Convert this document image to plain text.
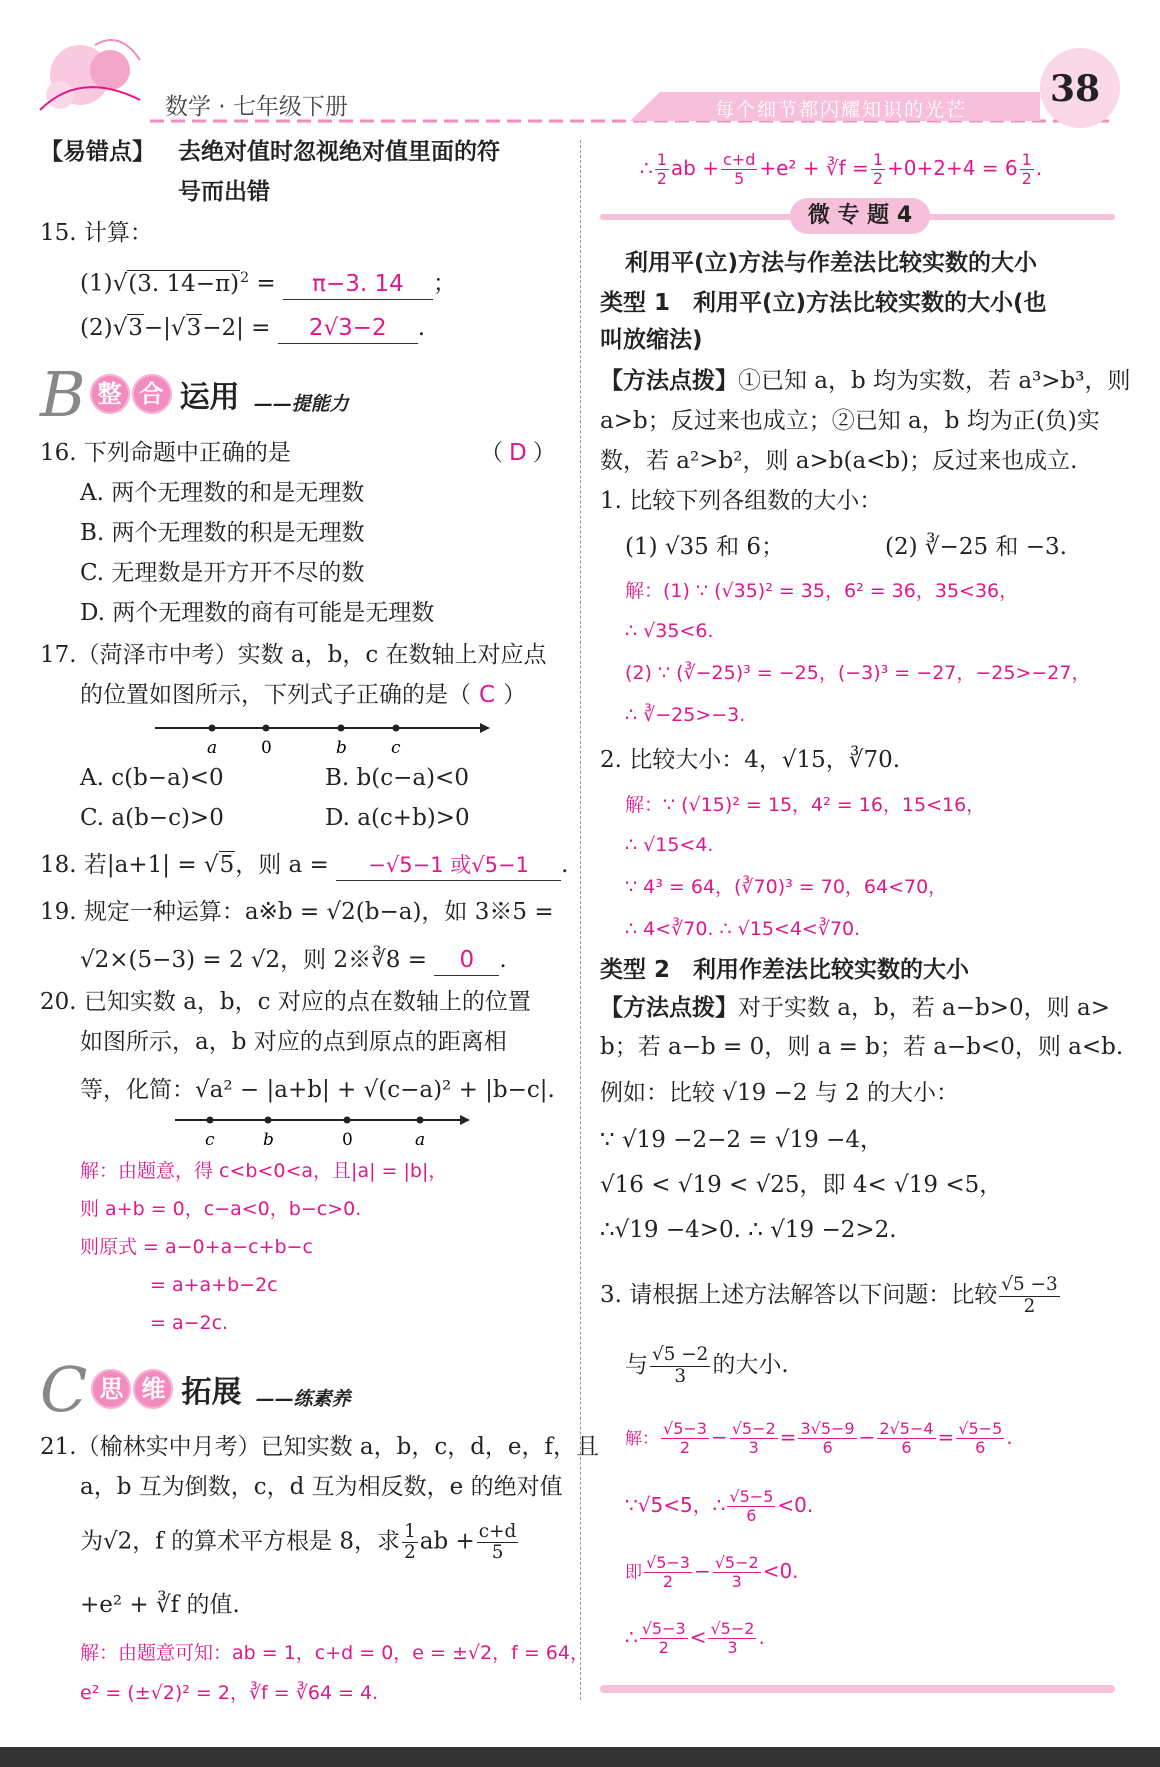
数学 · 七年级下册	每个细节都闪耀知识的光芒 38
【易错点】 去绝对值时忽视绝对值里面的符
号而出错
15. 计算：
(1)√(3. 14−π)$^2$ = π−3. 14 ；
(2)√3−|√3−2| = 2√3−2 .
B 整 合 运用 ——提能力
16. 下列命题中正确的是	（ D ）
A. 两个无理数的和是无理数
B. 两个无理数的积是无理数
C. 无理数是开方开不尽的数
D. 两个无理数的商有可能是无理数
17.（菏泽市中考）实数 a，b，c 在数轴上对应点
的位置如图所示，下列式子正确的是（ C ）
a	0	b	c
A. c(b−a)<0	B. b(c−a)<0
C. a(b−c)>0	D. a(c+b)>0
18. 若|a+1| = √5，则 a = −√5−1 或√5−1 .
19. 规定一种运算：a※b = √2(b−a)，如 3※5 =
√2×(5−3) = 2 √2，则 2※∛8 = 0 .
20. 已知实数 a，b，c 对应的点在数轴上的位置
如图所示，a，b 对应的点到原点的距离相
等，化简：√a² − |a+b| + √(c−a)² + |b−c|.
c	b	0	a
解：由题意，得 c<b<0<a，且|a| = |b|，
则 a+b = 0，c−a<0，b−c>0.
则原式 = a−0+a−c+b−c
= a+a+b−2c
= a−2c.
C 思 维 拓展 ——练素养
21.（榆林实中月考）已知实数 a，b，c，d，e，f，且
a，b 互为倒数，c，d 互为相反数，e 的绝对值
为√2，f 的算术平方根是 8，求 $\frac{1}{2}$ ab + $\frac{c+d}{5}$
+e² + ∛f 的值.
解：由题意可知：ab = 1，c+d = 0，e = ±√2，f = 64，
e² = (±√2)² = 2，∛f = ∛64 = 4.
∴ $\frac{1}{2}$ ab + $\frac{c+d}{5} +e^2$ + ∛f = $\frac{1}{2} +0+2+4 = 6 \frac{1}{2}$ .
微 专 题 4
利用平(立)方法与作差法比较实数的大小
类型 1　利用平(立)方法比较实数的大小(也
叫放缩法)
【方法点拨】①已知 a，b 均为实数，若 a³>b³，则
a>b；反过来也成立；②已知 a，b 均为正(负)实
数，若 a²>b²，则 a>b(a<b)；反过来也成立.
1. 比较下列各组数的大小：
(1) √35 和 6；	(2) ∛−25 和 −3.
解：(1) ∵ (√35)² = 35，6² = 36，35<36，
∴ √35<6.
(2) ∵ (∛−25)³ = −25，(−3)³ = −27，−25>−27，
∴ ∛−25>−3.
2. 比较大小：4，√15，∛70.
解：∵ (√15)² = 15，4² = 16，15<16，
∴ √15<4.
∵ 4³ = 64，(∛70)³ = 70，64<70，
∴ 4<∛70. ∴ √15<4<∛70.
类型 2　利用作差法比较实数的大小
【方法点拨】对于实数 a，b，若 a−b>0，则 a>
b；若 a−b = 0，则 a = b；若 a−b<0，则 a<b.
例如：比较 √19 −2 与 2 的大小：
∵ √19 −2−2 = √19 −4，
√16 < √19 < √25，即 4< √19 <5，
∴√19 −4>0. ∴ √19 −2>2.
3. 请根据上述方法解答以下问题：比较 $\frac{√5 -3}{2}$
与 $\frac{√5 -2}{3}$ 的大小.
解： $\frac{√5-3}{2} - \frac{√5-2}{3} = \frac{3√5-9}{6} - \frac{2√5-4}{6} = \frac{√5-5}{6}$ .
∵√5<5，∴ $\frac{√5-5}{6} <0$.
即 $\frac{√5-3}{2} - \frac{√5-2}{3} <0$.
∴ $\frac{√5-3}{2} < \frac{√5-2}{3}$ .
